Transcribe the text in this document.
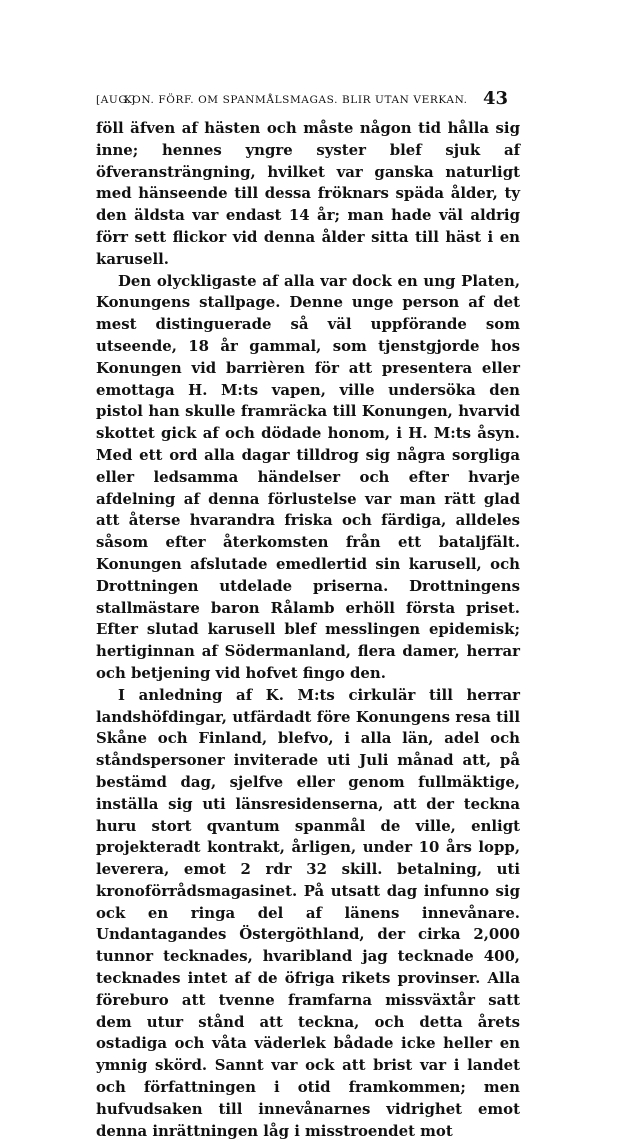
[AUG.]
KON. FÖRF. OM SPANMÅLSMAGAS. BLIR UTAN VERKAN. 43

föll äfven af hästen och måste någon tid hålla sig inne; hennes yngre syster blef sjuk af öfveransträngning, hvilket var ganska naturligt med hänseende till dessa fröknars späda ålder, ty den äldsta var endast 14 år; man hade väl aldrig förr sett flickor vid denna ålder sitta till häst i en karusell.

Den olyckligaste af alla var dock en ung Platen, Konungens stallpage. Denne unge person af det mest distinguerade så väl uppförande som utseende, 18 år gammal, som tjenstgjorde hos Konungen vid barrièren för att presentera eller emottaga H. M:ts vapen, ville undersöka den pistol han skulle framräcka till Konungen, hvarvid skottet gick af och dödade honom, i H. M:ts åsyn. Med ett ord alla dagar tilldrog sig några sorgliga eller ledsamma händelser och efter hvarje afdelning af denna förlustelse var man rätt glad att återse hvarandra friska och färdiga, alldeles såsom efter återkomsten från ett bataljfält. Konungen afslutade emedlertid sin karusell, och Drottningen utdelade priserna. Drottningens stallmästare baron Rålamb erhöll första priset. Efter slutad karusell blef messlingen epidemisk; hertiginnan af Södermanland, flera damer, herrar och betjening vid hofvet fingo den.

I anledning af K. M:ts cirkulär till herrar landshöfdingar, utfärdadt före Konungens resa till Skåne och Finland, blefvo, i alla län, adel och ståndspersoner inviterade uti Juli månad att, på bestämd dag, sjelfve eller genom fullmäktige, inställa sig uti länsresidenserna, att der teckna huru stort qvantum spanmål de ville, enligt projekteradt kontrakt, årligen, under 10 års lopp, leverera, emot 2 rdr 32 skill. betalning, uti kronoförrådsmagasinet. På utsatt dag infunno sig ock en ringa del af länens innevånare. Undantagandes Östergöthland, der cirka 2,000 tunnor tecknades, hvaribland jag tecknade 400, tecknades intet af de öfriga rikets provinser. Alla föreburo att tvenne framfarna missväxtår satt dem utur stånd att teckna, och detta årets ostadiga och våta väderlek bådade icke heller en ymnig skörd. Sannt var ock att brist var i landet och författningen i otid framkommen; men hufvudsaken till innevånarnes vidrighet emot denna inrättningen låg i misstroendet mot
